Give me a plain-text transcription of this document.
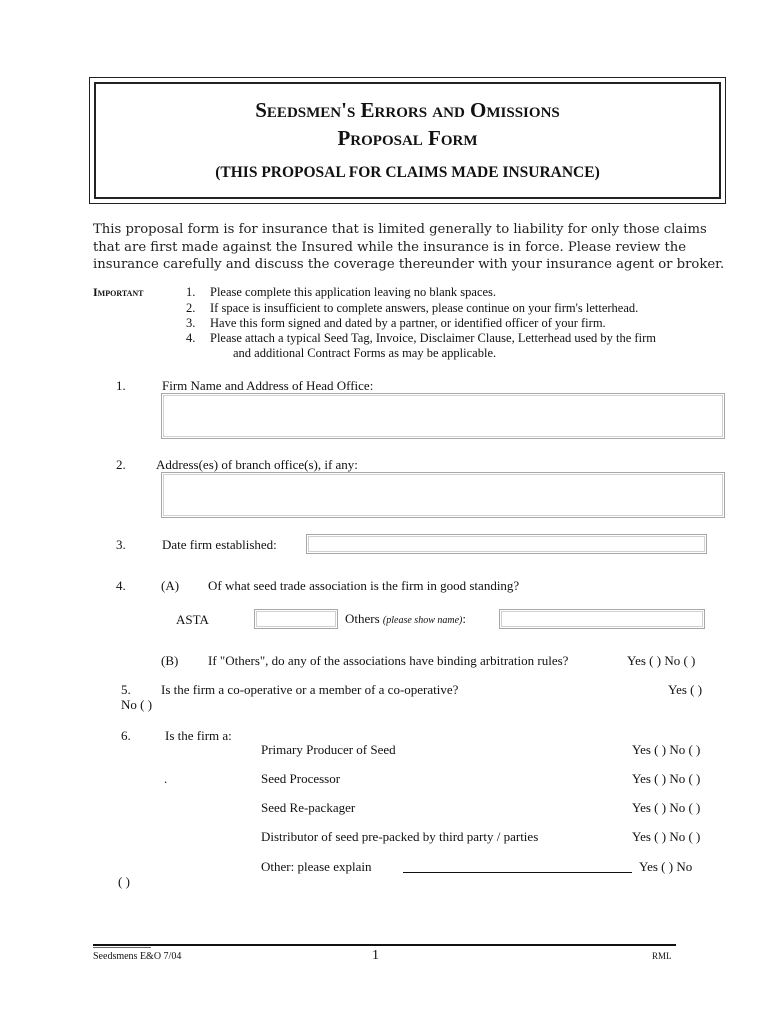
Seedsmen's Errors and Omissions
Proposal Form
(THIS PROPOSAL FOR CLAIMS MADE INSURANCE)
This proposal form is for insurance that is limited generally to liability for only those claims that are first made against the Insured while the insurance is in force. Please review the insurance carefully and discuss the coverage thereunder with your insurance agent or broker.
Important	1. Please complete this application leaving no blank spaces.
2. If space is insufficient to complete answers, please continue on your firm's letterhead.
3. Have this form signed and dated by a partner, or identified officer of your firm.
4. Please attach a typical Seed Tag, Invoice, Disclaimer Clause, Letterhead used by the firm
and additional Contract Forms as may be applicable.
1.	Firm Name and Address of Head Office:
2. Address(es) of branch office(s), if any:
3.	Date firm established:
4.	(A) Of what seed trade association is the firm in good standing?
ASTA	Others (please show name):
(B) If "Others", do any of the associations have binding arbitration rules?	Yes ( ) No ( )
5. Is the firm a co-operative or a member of a co-operative?	Yes ( )
No ( )
6.	Is the firm a:
Primary Producer of Seed	Yes ( ) No ( )
.	Seed Processor	Yes ( ) No ( )
Seed Re-packager	Yes ( ) No ( )
Distributor of seed pre-packed by third party / parties	Yes ( ) No ( )
Other: please explain	Yes ( ) No
( )
Seedsmens E&O 7/04	1	RML
